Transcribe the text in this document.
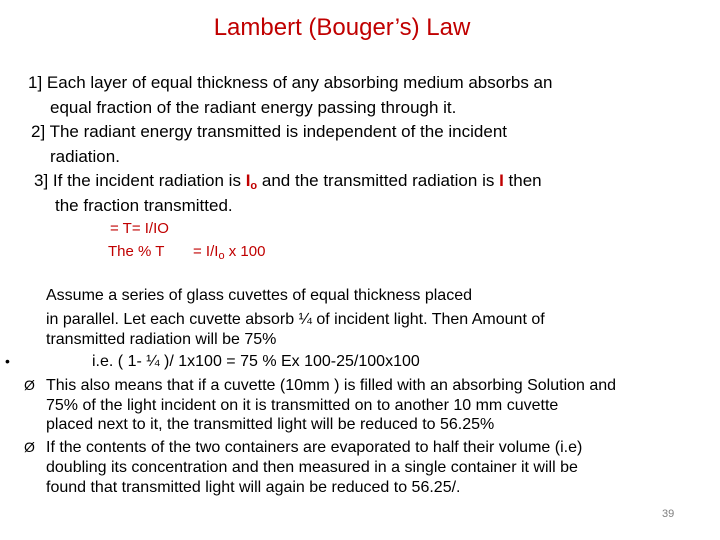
Lambert (Bouger’s) Law
1] Each layer of equal thickness of any absorbing medium absorbs an
equal fraction of the radiant energy passing through it.
2] The radiant energy transmitted is independent of the incident
radiation.
3] If the incident radiation is $I_o$ and the transmitted radiation is I then
the fraction transmitted.
= T= I/IO
The % $T = I/I_o$ x 100
Assume a series of glass cuvettes of equal thickness placed
in parallel. Let each cuvette absorb ¼ of incident light. Then Amount of
transmitted radiation will be 75%
•	i.e. ( 1- ¼ )/ 1x100 = 75 % Ex 100-25/100x100
Ø This also means that if a cuvette (10mm ) is filled with an absorbing Solution and
75% of the light incident on it is transmitted on to another 10 mm cuvette
placed next to it, the transmitted light will be reduced to 56.25%
Ø If the contents of the two containers are evaporated to half their volume (i.e)
doubling its concentration and then measured in a single container it will be
found that transmitted light will again be reduced to 56.25/.
39
